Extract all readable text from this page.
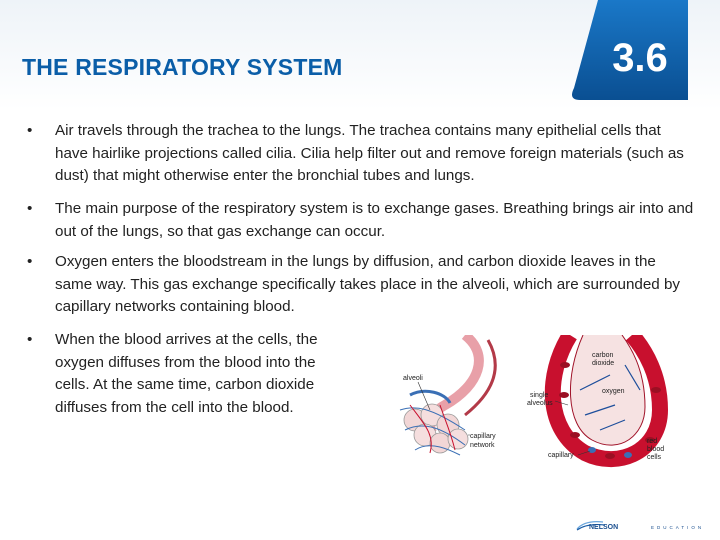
THE RESPIRATORY SYSTEM	3.6
• Air travels through the trachea to the lungs. The trachea contains many epithelial cells that have hairlike projections called cilia. Cilia help filter out and remove foreign materials (such as dust) that might otherwise enter the bronchial tubes and lungs.
• The main purpose of the respiratory system is to exchange gases. Breathing brings air into and out of the lungs, so that gas exchange can occur.
• Oxygen enters the bloodstream in the lungs by diffusion, and carbon dioxide leaves in the same way. This gas exchange specifically takes place in the alveoli, which are surrounded by capillary networks containing blood.
• When the blood arrives at the cells, the oxygen diffuses from the blood into the cells. At the same time, carbon dioxide diffuses from the cell into the blood.
alveoli
capillary
network
carbon
dioxide
oxygen
single
alveolus
capillary
red
blood
cells
NELSON	EDUCATION
